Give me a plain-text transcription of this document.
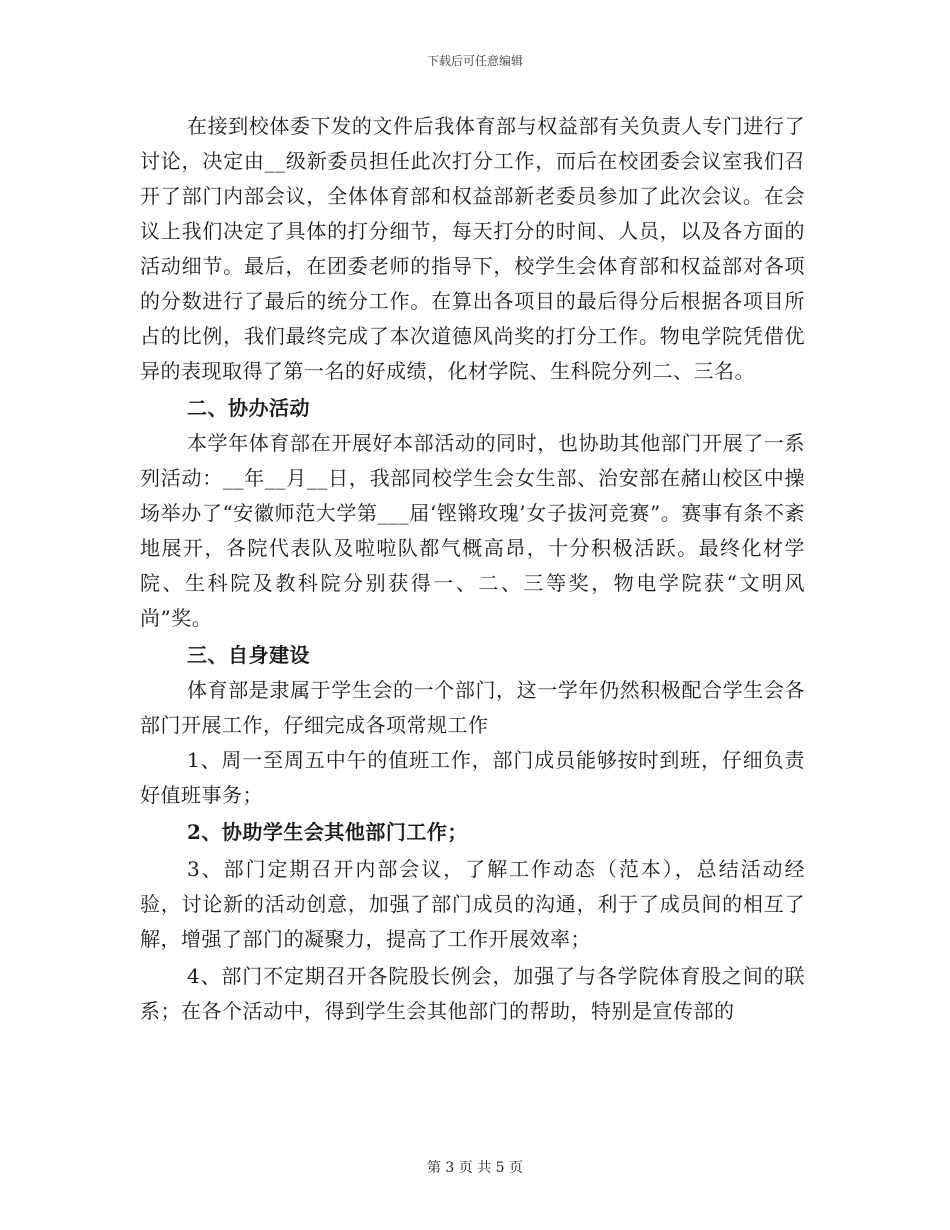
下载后可任意编辑

在接到校体委下发的文件后我体育部与权益部有关负责人专门进行了讨论，决定由__级新委员担任此次打分工作，而后在校团委会议室我们召开了部门内部会议，全体体育部和权益部新老委员参加了此次会议。在会议上我们决定了具体的打分细节，每天打分的时间、人员，以及各方面的活动细节。最后，在团委老师的指导下，校学生会体育部和权益部对各项的分数进行了最后的统分工作。在算出各项目的最后得分后根据各项目所占的比例，我们最终完成了本次道德风尚奖的打分工作。物电学院凭借优异的表现取得了第一名的好成绩，化材学院、生科院分列二、三名。

二、协办活动

本学年体育部在开展好本部活动的同时，也协助其他部门开展了一系列活动：__年__月__日，我部同校学生会女生部、治安部在赭山校区中操场举办了“安徽师范大学第___届‘铿锵玫瑰’女子拔河竞赛”。赛事有条不紊地展开，各院代表队及啦啦队都气概高昂，十分积极活跃。最终化材学院、生科院及教科院分别获得一、二、三等奖，物电学院获“文明风尚”奖。

三、自身建设

体育部是隶属于学生会的一个部门，这一学年仍然积极配合学生会各部门开展工作，仔细完成各项常规工作

1、周一至周五中午的值班工作，部门成员能够按时到班，仔细负责好值班事务；

2、协助学生会其他部门工作；

3、部门定期召开内部会议，了解工作动态（范本），总结活动经验，讨论新的活动创意，加强了部门成员的沟通，利于了成员间的相互了解，增强了部门的凝聚力，提高了工作开展效率；

4、部门不定期召开各院股长例会，加强了与各学院体育股之间的联系；在各个活动中，得到学生会其他部门的帮助，特别是宣传部的

第 3 页 共 5 页
